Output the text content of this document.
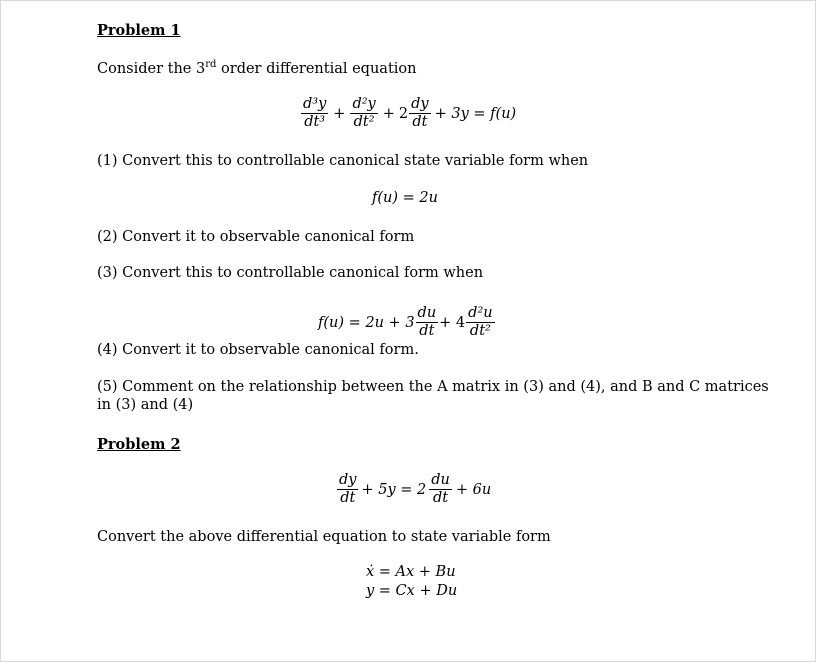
Problem 1
Consider the 3rd order differential equation
$\frac{\text{d³y}}{\text{dt³}} + \frac{\text{d²y}}{\text{dt²}} + 2 \frac{dy}{dt} + 3y = f(u)$
(1) Convert this to controllable canonical state variable form when
f(u) = 2u
(2) Convert it to observable canonical form
(3) Convert this to controllable canonical form when
$f(u) = 2u + 3 \frac{du}{dt} + 4 \frac{\text{d²u}}{\text{dt²}}$
(4) Convert it to observable canonical form.
(5) Comment on the relationship between the A matrix in (3) and (4), and B and C matrices
in (3) and (4)
Problem 2
$\frac{dy}{dt} + 5y = 2 \frac{du}{dt} + 6u$
Convert the above differential equation to state variable form
ẋ = Ax + Bu
y = Cx + Du
